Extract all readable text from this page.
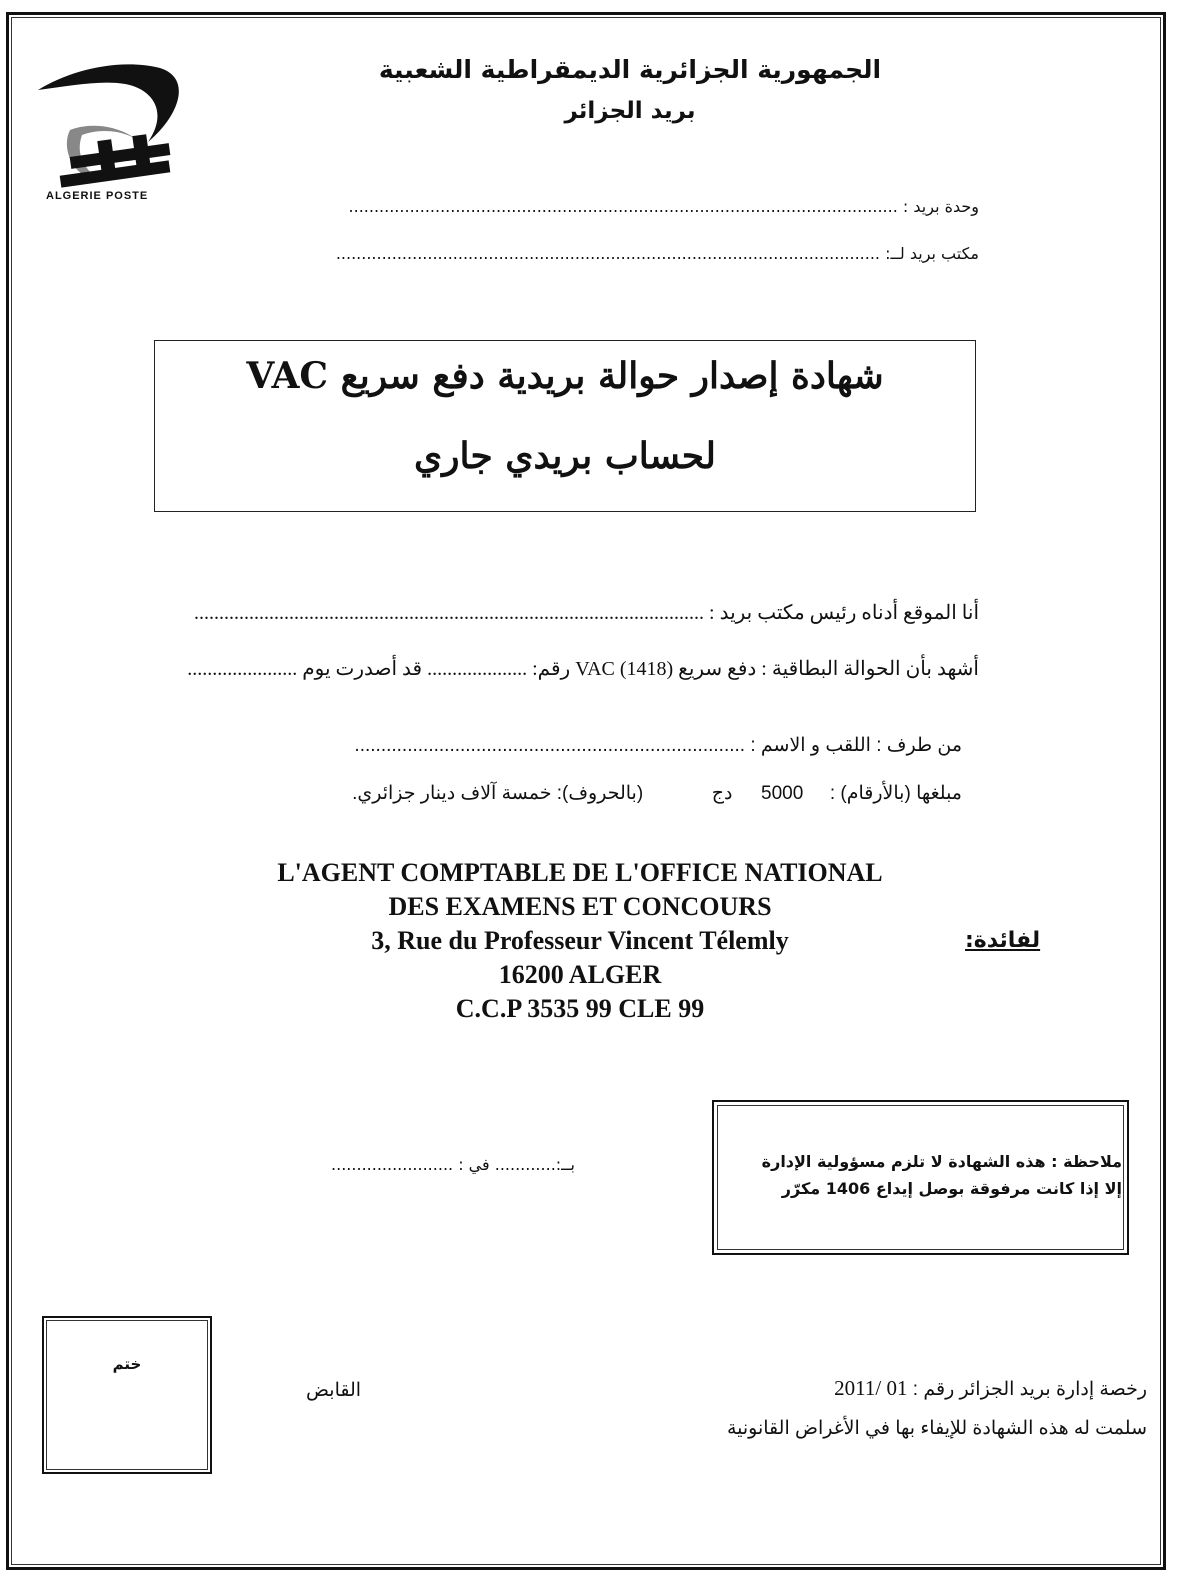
ALGERIE POSTE
الجمهورية الجزائرية الديمقراطية الشعبية
بريد الجزائر
وحدة بريد : ............................................................................................................
مكتب بريد لــ: ...........................................................................................................
شهادة إصدار حوالة بريدية دفع سريع VAC
لحساب بريدي جاري
أنا الموقع أدناه رئيس مكتب بريد : ......................................................................................................
أشهد بأن الحوالة البطاقية : دفع سريع VAC (1418) رقم: .................... قد أصدرت يوم ......................
من طرف : اللقب و الاسم : ..........................................................................
مبلغها (بالأرقام) :  5000  دج  (بالحروف): خمسة آلاف دينار جزائري.
L'AGENT COMPTABLE DE L'OFFICE NATIONAL
DES EXAMENS ET CONCOURS
3, Rue du Professeur Vincent Télemly
16200 ALGER
C.C.P 3535 99 CLE 99
لفائدة:
بــ:............ في : ........................	ملاحظة : هذه الشهادة لا تلزم مسؤولية الإدارة
إلا إذا كانت مرفوقة بوصل إيداع 1406 مكرّر
ختم
القابض	رخصة إدارة بريد الجزائر رقم : 01 /2011
سلمت له هذه الشهادة للإيفاء بها في الأغراض القانونية
